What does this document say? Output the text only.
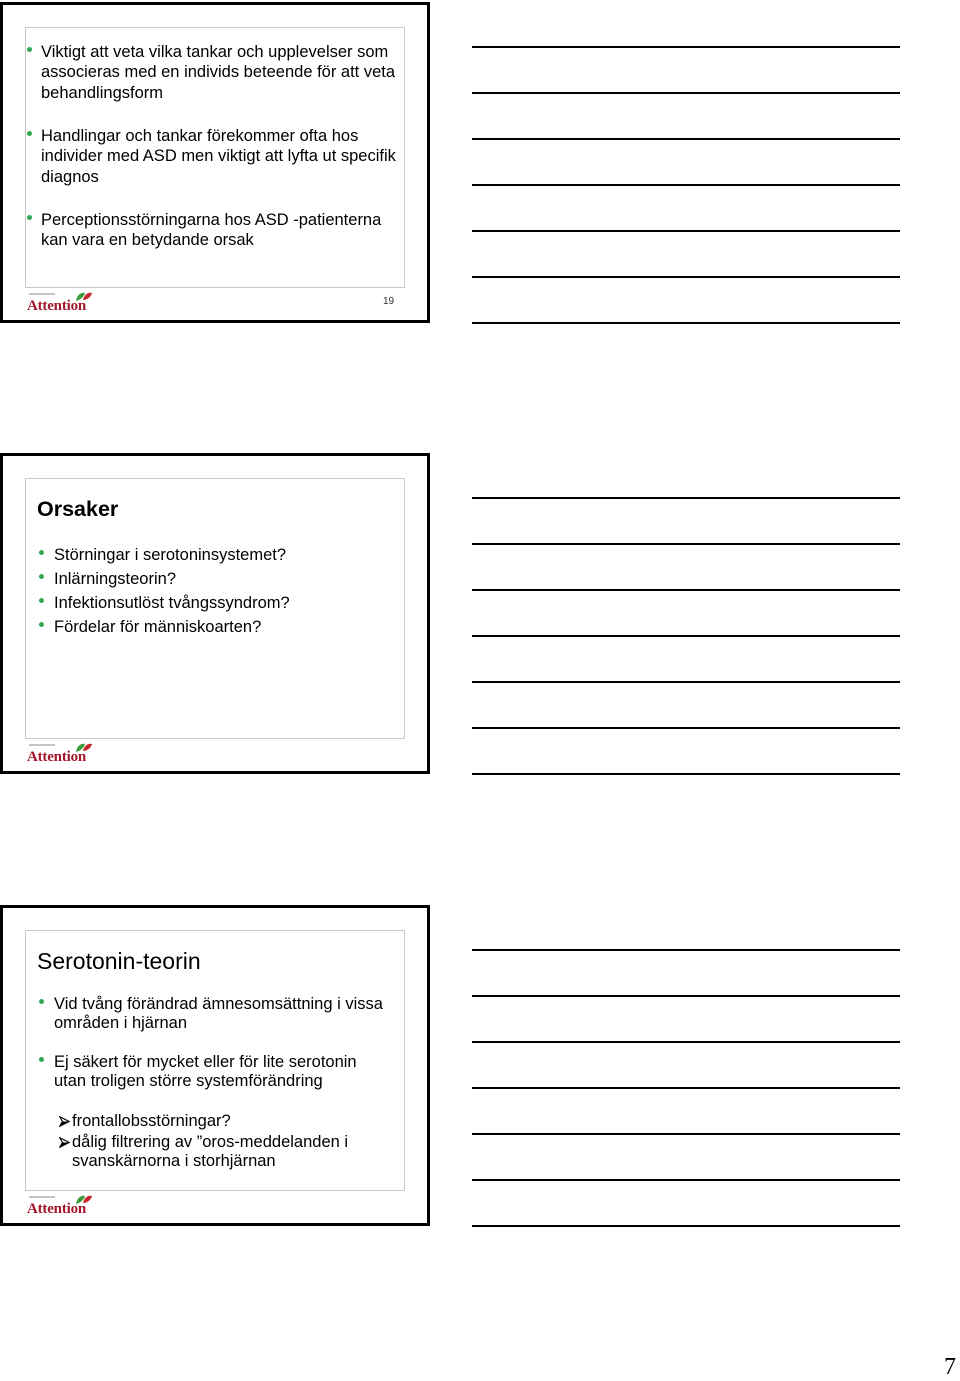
Viktigt att veta vilka tankar och upplevelser som
associeras med en individs beteende för att veta
behandlingsform
Handlingar och tankar förekommer ofta hos
individer med ASD men viktigt att lyfta ut specifik
diagnos
Perceptionsstörningarna hos ASD -patienterna
kan vara en betydande orsak
Attention	19
Orsaker
Störningar i serotoninsystemet?
Inlärningsteorin?
Infektionsutlöst tvångssyndrom?
Fördelar för människoarten?
Attention
Serotonin-teorin
Vid tvång förändrad ämnesomsättning i vissa
områden i hjärnan
Ej säkert för mycket eller för lite serotonin
utan troligen större systemförändring
frontallobsstörningar?
dålig filtrering av ”oros-meddelanden i
svanskärnorna i storhjärnan
Attention
7
